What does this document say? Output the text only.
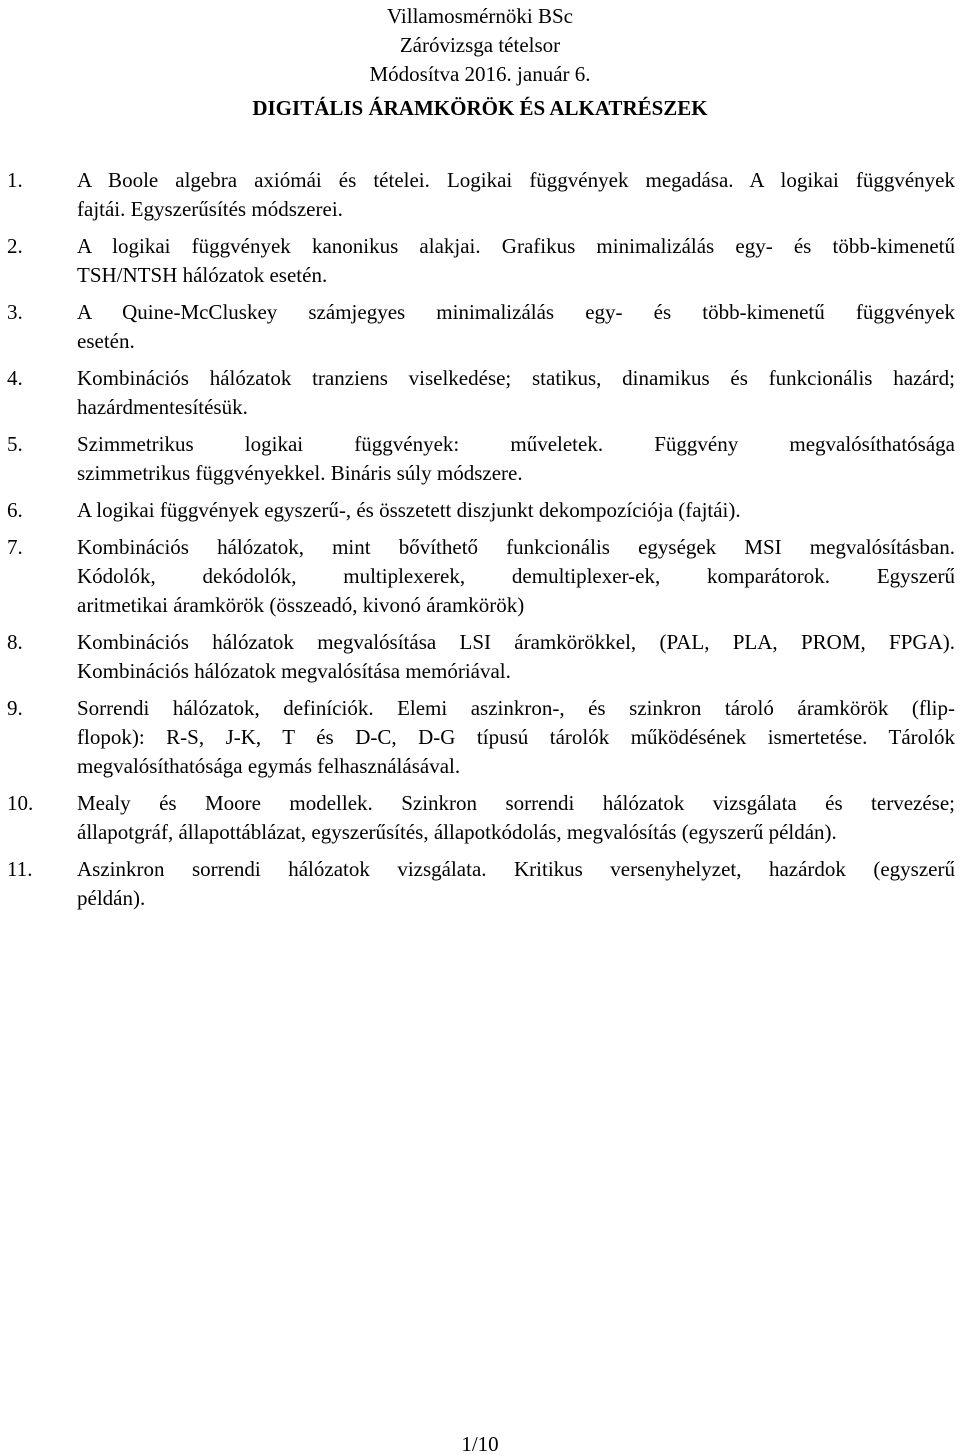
Villamosmérnöki BSc
Záróvizsga tételsor
Módosítva 2016. január 6.
DIGITÁLIS ÁRAMKÖRÖK ÉS ALKATRÉSZEK
1.	A Boole algebra axiómái és tételei. Logikai függvények megadása. A logikai függvények

fajtái. Egyszerűsítés módszerei.

2.	A logikai függvények kanonikus alakjai. Grafikus minimalizálás egy- és több-kimenetű

TSH/NTSH hálózatok esetén.

3.	A Quine-McCluskey számjegyes minimalizálás egy- és több-kimenetű függvények

esetén.

4.	Kombinációs hálózatok tranziens viselkedése; statikus, dinamikus és funkcionális hazárd;

hazárdmentesítésük.

5.	Szimmetrikus logikai függvények: műveletek. Függvény megvalósíthatósága

szimmetrikus függvényekkel. Bináris súly módszere.

6.	A logikai függvények egyszerű-, és összetett diszjunkt dekompozíciója (fajtái).

7.	Kombinációs hálózatok, mint bővíthető funkcionális egységek MSI megvalósításban.

Kódolók, dekódolók, multiplexerek, demultiplexer-ek, komparátorok. Egyszerű

aritmetikai áramkörök (összeadó, kivonó áramkörök)

8.	Kombinációs hálózatok megvalósítása LSI áramkörökkel, (PAL, PLA, PROM, FPGA).

Kombinációs hálózatok megvalósítása memóriával.

9.	Sorrendi hálózatok, definíciók. Elemi aszinkron-, és szinkron tároló áramkörök (flip-

flopok): R-S, J-K, T és D-C, D-G típusú tárolók működésének ismertetése. Tárolók

megvalósíthatósága egymás felhasználásával.

10.	Mealy és Moore modellek. Szinkron sorrendi hálózatok vizsgálata és tervezése;

állapotgráf, állapottáblázat, egyszerűsítés, állapotkódolás, megvalósítás (egyszerű példán).

11.	Aszinkron sorrendi hálózatok vizsgálata. Kritikus versenyhelyzet, hazárdok (egyszerű

példán).

1/10
